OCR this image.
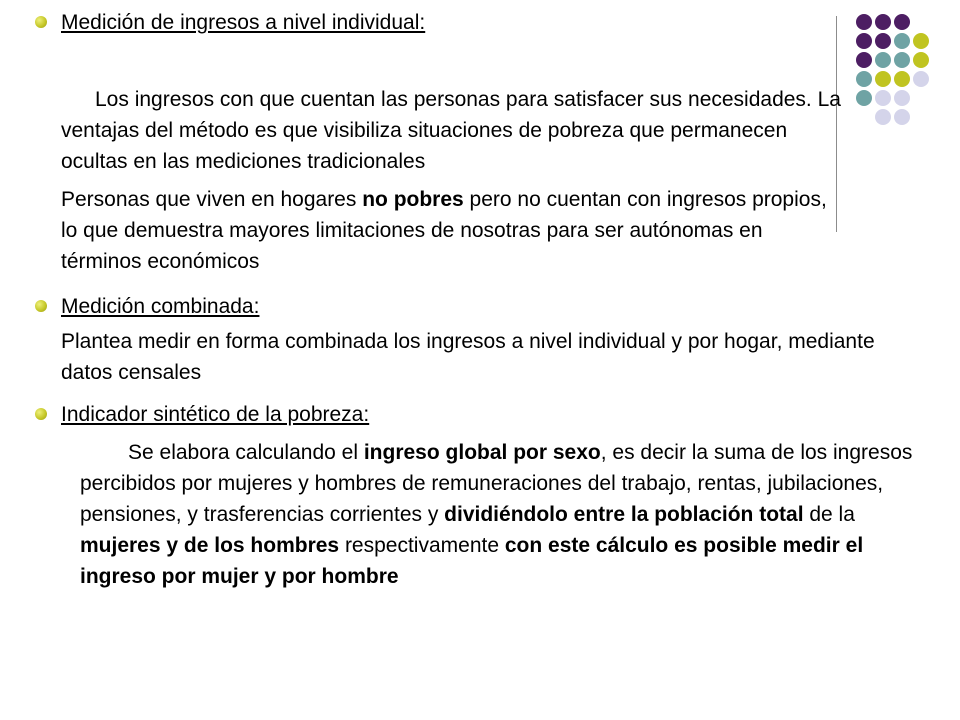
Medición de ingresos a nivel individual:
Los ingresos con que cuentan las personas para satisfacer sus necesidades. La ventajas del método es que visibiliza situaciones de pobreza que permanecen ocultas en las mediciones tradicionales
Personas que viven en hogares no pobres pero no cuentan con ingresos propios, lo que demuestra mayores limitaciones de nosotras para ser autónomas en términos económicos
Medición combinada:
Plantea medir en forma combinada los ingresos a nivel individual y por hogar, mediante datos censales
Indicador sintético de la pobreza:
Se elabora calculando el ingreso global por sexo, es decir la suma de los ingresos percibidos por mujeres y hombres de remuneraciones del trabajo, rentas, jubilaciones, pensiones, y trasferencias corrientes y dividiéndolo entre la población total de la mujeres y de los hombres respectivamente con este cálculo es posible medir el ingreso por mujer y por hombre
